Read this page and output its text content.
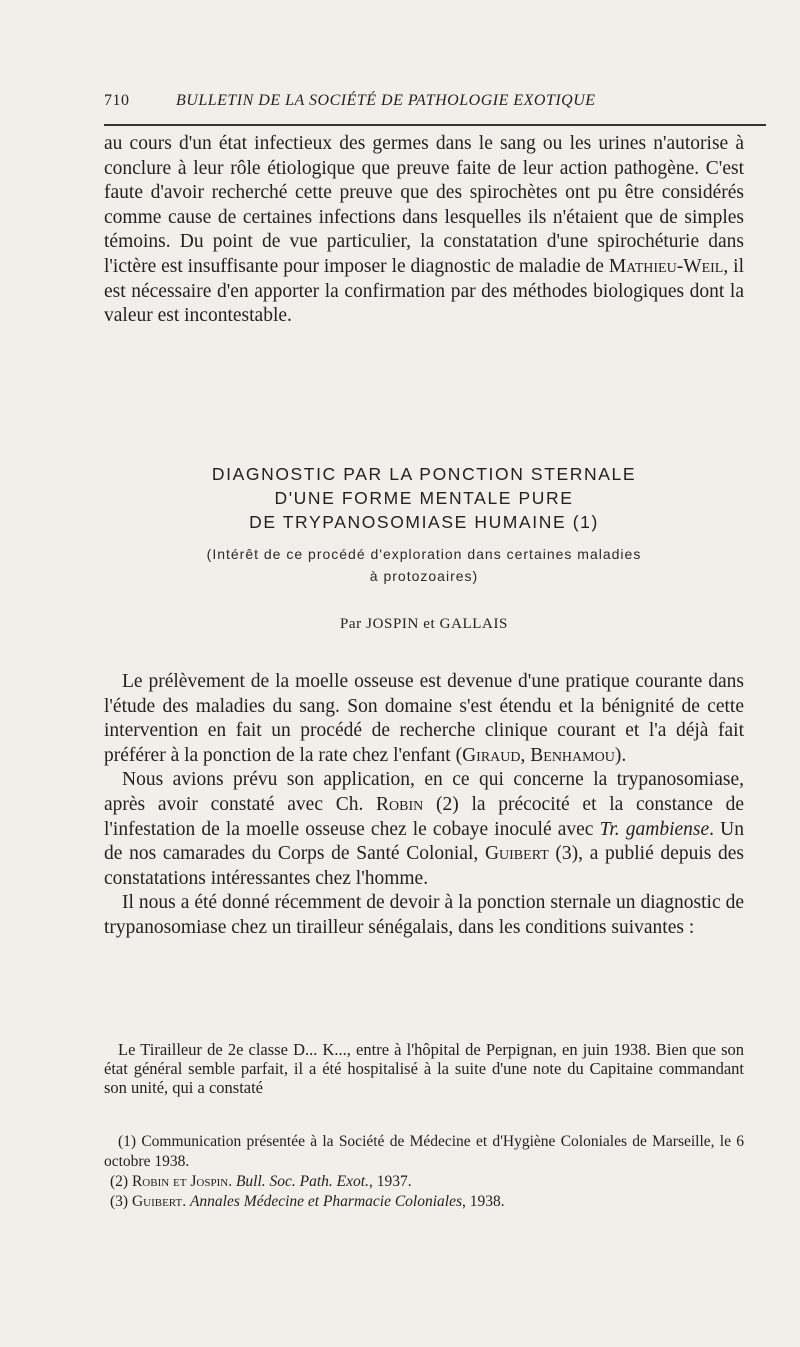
710	BULLETIN DE LA SOCIÉTÉ DE PATHOLOGIE EXOTIQUE

au cours d'un état infectieux des germes dans le sang ou les urines n'autorise à conclure à leur rôle étiologique que preuve faite de leur action pathogène. C'est faute d'avoir recherché cette preuve que des spirochètes ont pu être considérés comme cause de certaines infections dans lesquelles ils n'étaient que de simples témoins. Du point de vue particulier, la constatation d'une spirochéturie dans l'ictère est insuffisante pour imposer le diagnostic de maladie de Mathieu-Weil, il est nécessaire d'en apporter la confirmation par des méthodes biologiques dont la valeur est incontestable.

DIAGNOSTIC PAR LA PONCTION STERNALE
D'UNE FORME MENTALE PURE
DE TRYPANOSOMIASE HUMAINE (1)
(Intérêt de ce procédé d'exploration dans certaines maladies
à protozoaires)
Par JOSPIN et GALLAIS

Le prélèvement de la moelle osseuse est devenue d'une pratique courante dans l'étude des maladies du sang. Son domaine s'est étendu et la bénignité de cette intervention en fait un procédé de recherche clinique courant et l'a déjà fait préférer à la ponction de la rate chez l'enfant (Giraud, Benhamou).

Nous avions prévu son application, en ce qui concerne la trypanosomiase, après avoir constaté avec Ch. Robin (2) la précocité et la constance de l'infestation de la moelle osseuse chez le cobaye inoculé avec Tr. gambiense. Un de nos camarades du Corps de Santé Colonial, Guibert (3), a publié depuis des constatations intéressantes chez l'homme.

Il nous a été donné récemment de devoir à la ponction sternale un diagnostic de trypanosomiase chez un tirailleur sénégalais, dans les conditions suivantes :

Le Tirailleur de 2e classe D... K..., entre à l'hôpital de Perpignan, en juin 1938. Bien que son état général semble parfait, il a été hospitalisé à la suite d'une note du Capitaine commandant son unité, qui a constaté

(1) Communication présentée à la Société de Médecine et d'Hygiène Coloniales de Marseille, le 6 octobre 1938.

(2) Robin et Jospin. Bull. Soc. Path. Exot., 1937.

(3) Guibert. Annales Médecine et Pharmacie Coloniales, 1938.
